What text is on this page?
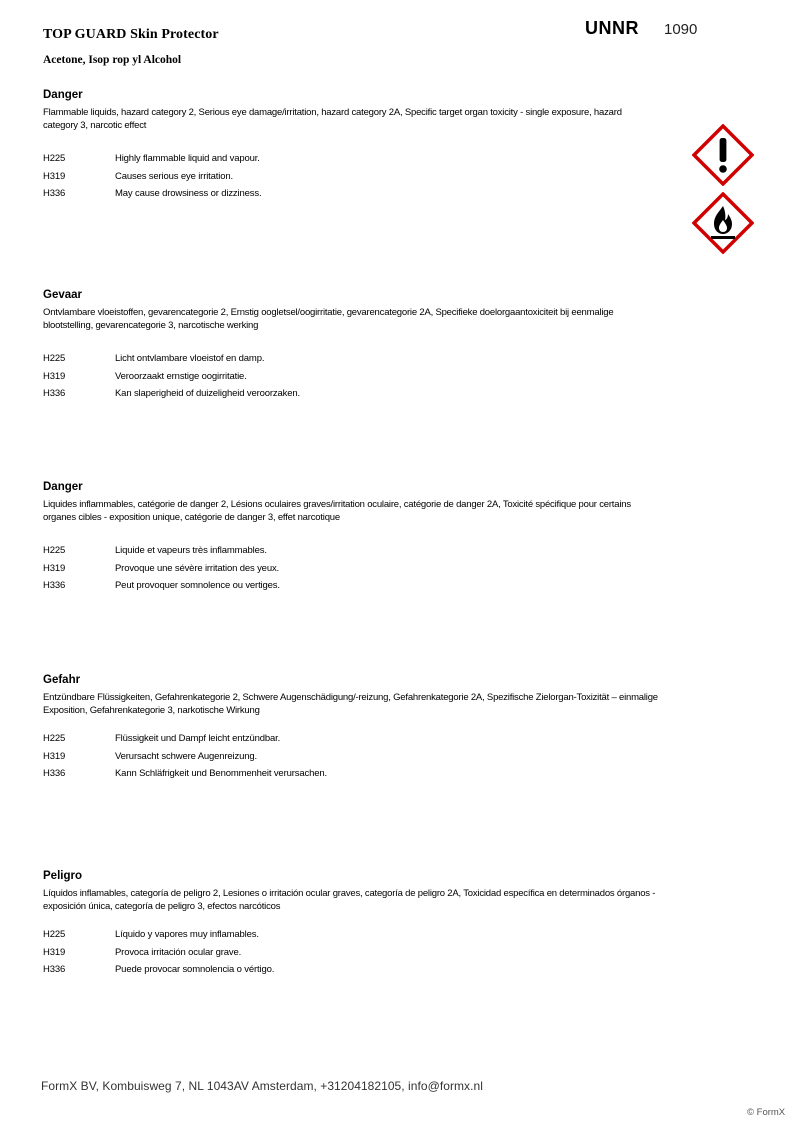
TOP GUARD Skin Protector
Acetone, Isop rop yl Alcohol
UNNR 1090
Danger

Flammable liquids, hazard category 2, Serious eye damage/irritation, hazard category 2A, Specific target organ toxicity - single exposure, hazard category 3, narcotic effect

H225	Highly flammable liquid and vapour.
H319	Causes serious eye irritation.
H336	May cause drowsiness or dizziness.
Gevaar

Ontvlambare vloeistoffen, gevarencategorie 2, Ernstig oogletsel/oogirritatie, gevarencategorie 2A, Specifieke doelorgaantoxiciteit bij eenmalige blootstelling, gevarencategorie 3, narcotische werking

H225	Licht ontvlambare vloeistof en damp.
H319	Veroorzaakt ernstige oogirritatie.
H336	Kan slaperigheid of duizeligheid veroorzaken.
Danger

Liquides inflammables, catégorie de danger 2, Lésions oculaires graves/irritation oculaire, catégorie de danger 2A, Toxicité spécifique pour certains organes cibles - exposition unique, catégorie de danger 3, effet narcotique

H225	Liquide et vapeurs très inflammables.
H319	Provoque une sévère irritation des yeux.
H336	Peut provoquer somnolence ou vertiges.
Gefahr

Entzündbare Flüssigkeiten, Gefahrenkategorie 2, Schwere Augenschädigung/-reizung, Gefahrenkategorie 2A, Spezifische Zielorgan-Toxizität – einmalige Exposition, Gefahrenkategorie 3, narkotische Wirkung

H225	Flüssigkeit und Dampf leicht entzündbar.
H319	Verursacht schwere Augenreizung.
H336	Kann Schläfrigkeit und Benommenheit verursachen.
Peligro

Líquidos inflamables, categoría de peligro 2, Lesiones o irritación ocular graves, categoría de peligro 2A, Toxicidad específica en determinados órganos - exposición única, categoría de peligro 3, efectos narcóticos

H225	Líquido y vapores muy inflamables.
H319	Provoca irritación ocular grave.
H336	Puede provocar somnolencia o vértigo.
FormX BV, Kombuisweg 7, NL 1043AV Amsterdam, +31204182105, info@formx.nl
© FormX
